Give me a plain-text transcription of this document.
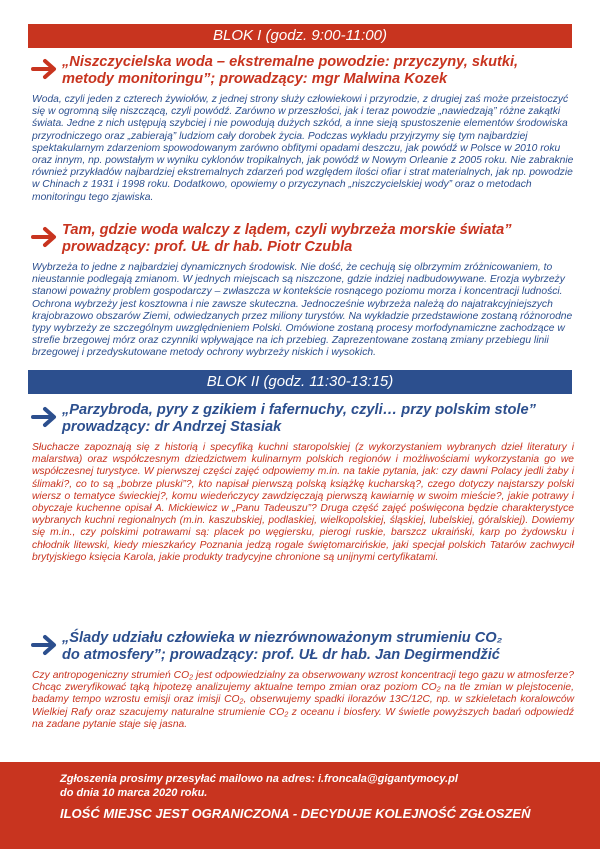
BLOK I (godz. 9:00-11:00)

„Niszczycielska woda – ekstremalne powodzie: przyczyny, skutki,

metody monitoringu”; prowadzący: mgr Malwina Kozek

Woda, czyli jeden z czterech żywiołów, z jednej strony służy człowiekowi i przyrodzie, z drugiej zaś może przeistoczyć się w ogromną siłę niszczącą, czyli powódź. Zarówno w przeszłości, jak i teraz powodzie „nawiedzają” różne zakątki świata. Jedne z nich ustępują szybciej i nie powodują dużych szkód, a inne sieją spustoszenie elementów środowiska przyrodniczego oraz „zabierają” ludziom cały dorobek życia. Podczas wykładu przyjrzymy się tym najbardziej spektakularnym zdarzeniom spowodowanym zarówno obfitymi opadami deszczu, jak powódź w Polsce w 2010 roku oraz innym, np. powstałym w wyniku cyklonów tropikalnych, jak powódź w Nowym Orleanie z 2005 roku. Nie zabraknie również przykładów najbardziej ekstremalnych zdarzeń pod względem ilości ofiar i strat materialnych, jak np. powodzie w Chinach z 1931 i 1998 roku. Dodatkowo, opowiemy o przyczynach „niszczycielskiej wody” oraz o metodach monitoringu tego zjawiska.

Tam, gdzie woda walczy z lądem, czyli wybrzeża morskie świata”

prowadzący: prof. UŁ dr hab. Piotr Czubla

Wybrzeża to jedne z najbardziej dynamicznych środowisk. Nie dość, że cechują się olbrzymim zróżnicowaniem, to nieustannie podlegają zmianom. W jednych miejscach są niszczone, gdzie indziej nadbudowywane. Erozja wybrzeży stanowi poważny problem gospodarczy – zwłaszcza w kontekście rosnącego poziomu morza i koncentracji ludności. Ochrona wybrzeży jest kosztowna i nie zawsze skuteczna. Jednocześnie wybrzeża należą do najatrakcyjniejszych krajobrazowo obszarów Ziemi, odwiedzanych przez miliony turystów. Na wykładzie przedstawione zostaną różnorodne typy wybrzeży ze szczególnym uwzględnieniem Polski. Omówione zostaną procesy morfodynamiczne zachodzące w strefie brzegowej mórz oraz czynniki wpływające na ich przebieg. Zaprezentowane zostaną zmiany przebiegu linii brzegowej i przedyskutowane metody ochrony wybrzeży niskich i wysokich.
BLOK II (godz. 11:30-13:15)

„Parzybroda, pyry z gzikiem i fafernuchy, czyli… przy polskim stole”

prowadzący: dr Andrzej Stasiak

Słuchacze zapoznają się z historią i specyfiką kuchni staropolskiej (z wykorzystaniem wybranych dzieł literatury i malarstwa) oraz współczesnym dziedzictwem kulinarnym polskich regionów i możliwościami wykorzystania go we współczesnej turystyce. W pierwszej części zajęć odpowiemy m.in. na takie pytania, jak: czy dawni Polacy jedli żaby i ślimaki?, co to są „bobrze pluski”?, kto napisał pierwszą polską książkę kucharską?, czego dotyczy najstarszy polski wiersz o tematyce świeckiej?, komu wiedeńczycy zawdzięczają pierwszą kawiarnię w swoim mieście?, jakie potrawy i obyczaje kuchenne opisał A. Mickiewicz w „Panu Tadeuszu”? Druga część zajęć poświęcona będzie charakterystyce wybranych kuchni regionalnych (m.in. kaszubskiej, podlaskiej, wielkopolskiej, śląskiej, lubelskiej, góralskiej). Dowiemy się m.in., czy polskimi potrawami są: placek po węgiersku, pierogi ruskie, barszcz ukraiński, karp po żydowsku i chłodnik litewski, kiedy mieszkańcy Poznania jedzą rogale świętomarcińskie, jaki specjał polskich Tatarów zachwycił brytyjskiego księcia Karola, jakie produkty tradycyjne chronione są unijnymi certyfikatami.

„Ślady udziału człowieka w niezrównoważonym strumieniu CO₂

do atmosfery”; prowadzący: prof. UŁ dr hab. Jan Degirmendžić

Czy antropogeniczny strumień CO₂ jest odpowiedzialny za obserwowany wzrost koncentracji tego gazu w atmosferze? Chcąc zweryfikować tąką hipotezę analizujemy aktualne tempo zmian oraz poziom CO₂ na tle zmian w plejstocenie, badamy tempo wzrostu emisji oraz imisji CO₂, obserwujemy spadki ilorazów 13C/12C, np. w szkieletach koralowców Wielkiej Rafy oraz szacujemy naturalne strumienie CO₂ z oceanu i biosfery. W świetle powyższych badań odpowiedź na zadane pytanie staje się jasna.
Zgłoszenia prosimy przesyłać mailowo na adres: i.froncala@gigantymocy.pl
do dnia 10 marca 2020 roku.
ILOŚĆ MIEJSC JEST OGRANICZONA - DECYDUJE KOLEJNOŚĆ ZGŁOSZEŃ
